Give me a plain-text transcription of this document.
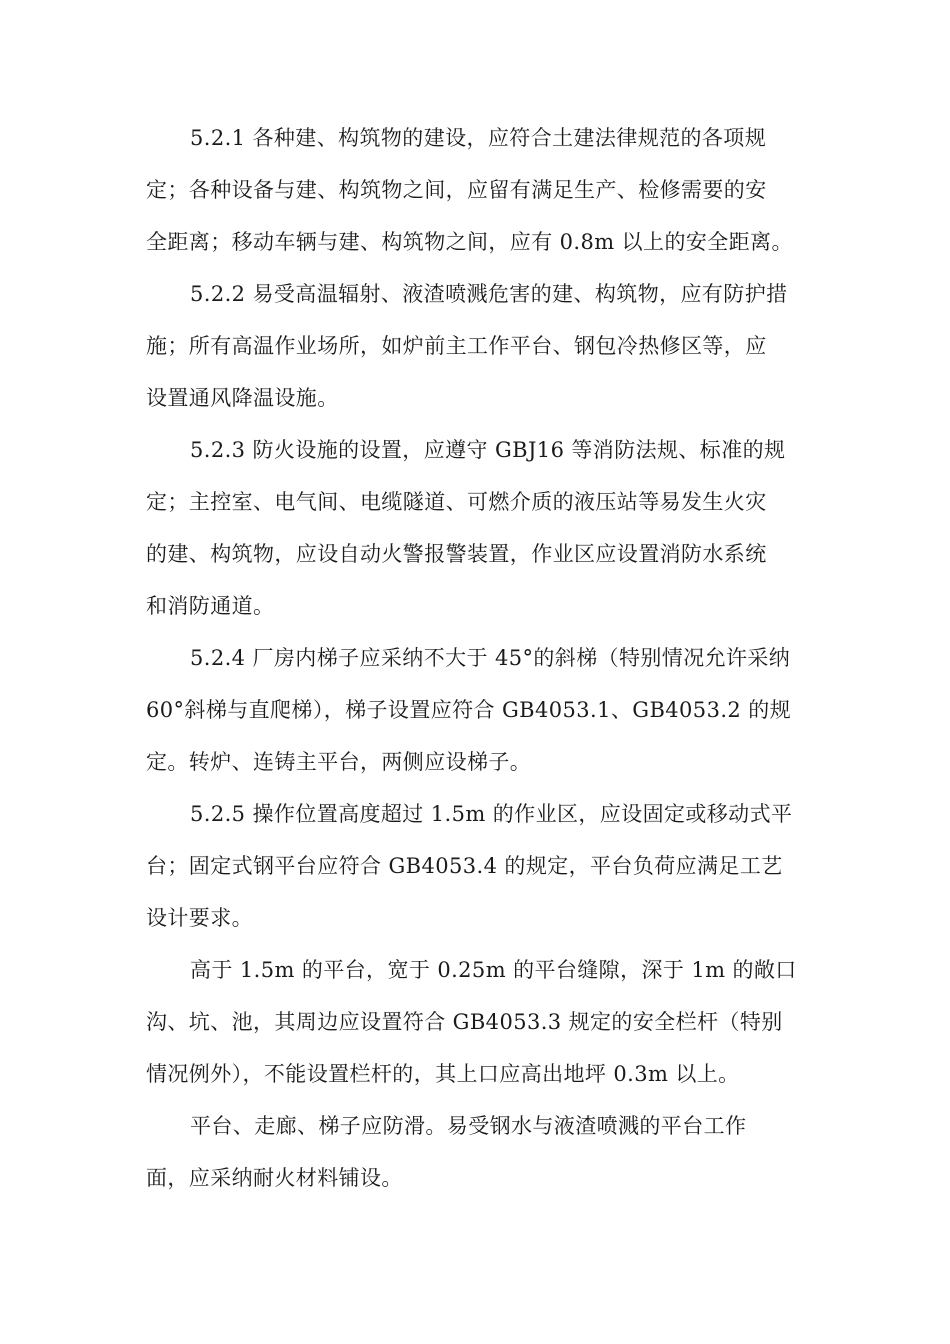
5.2.1 各种建、构筑物的建设，应符合土建法律规范的各项规
定；各种设备与建、构筑物之间，应留有满足生产、检修需要的安
全距离；移动车辆与建、构筑物之间，应有 0.8m 以上的安全距离。
5.2.2 易受高温辐射、液渣喷溅危害的建、构筑物，应有防护措
施；所有高温作业场所，如炉前主工作平台、钢包冷热修区等，应
设置通风降温设施。
5.2.3 防火设施的设置，应遵守 GBJ16 等消防法规、标准的规
定；主控室、电气间、电缆隧道、可燃介质的液压站等易发生火灾
的建、构筑物，应设自动火警报警装置，作业区应设置消防水系统
和消防通道。
5.2.4 厂房内梯子应采纳不大于 45°的斜梯（特别情况允许采纳
60°斜梯与直爬梯），梯子设置应符合 GB4053.1、GB4053.2 的规
定。转炉、连铸主平台，两侧应设梯子。
5.2.5 操作位置高度超过 1.5m 的作业区，应设固定或移动式平
台；固定式钢平台应符合 GB4053.4 的规定，平台负荷应满足工艺
设计要求。
高于 1.5m 的平台，宽于 0.25m 的平台缝隙，深于 1m 的敞口
沟、坑、池，其周边应设置符合 GB4053.3 规定的安全栏杆（特别
情况例外），不能设置栏杆的，其上口应高出地坪 0.3m 以上。
平台、走廊、梯子应防滑。易受钢水与液渣喷溅的平台工作
面，应采纳耐火材料铺设。
